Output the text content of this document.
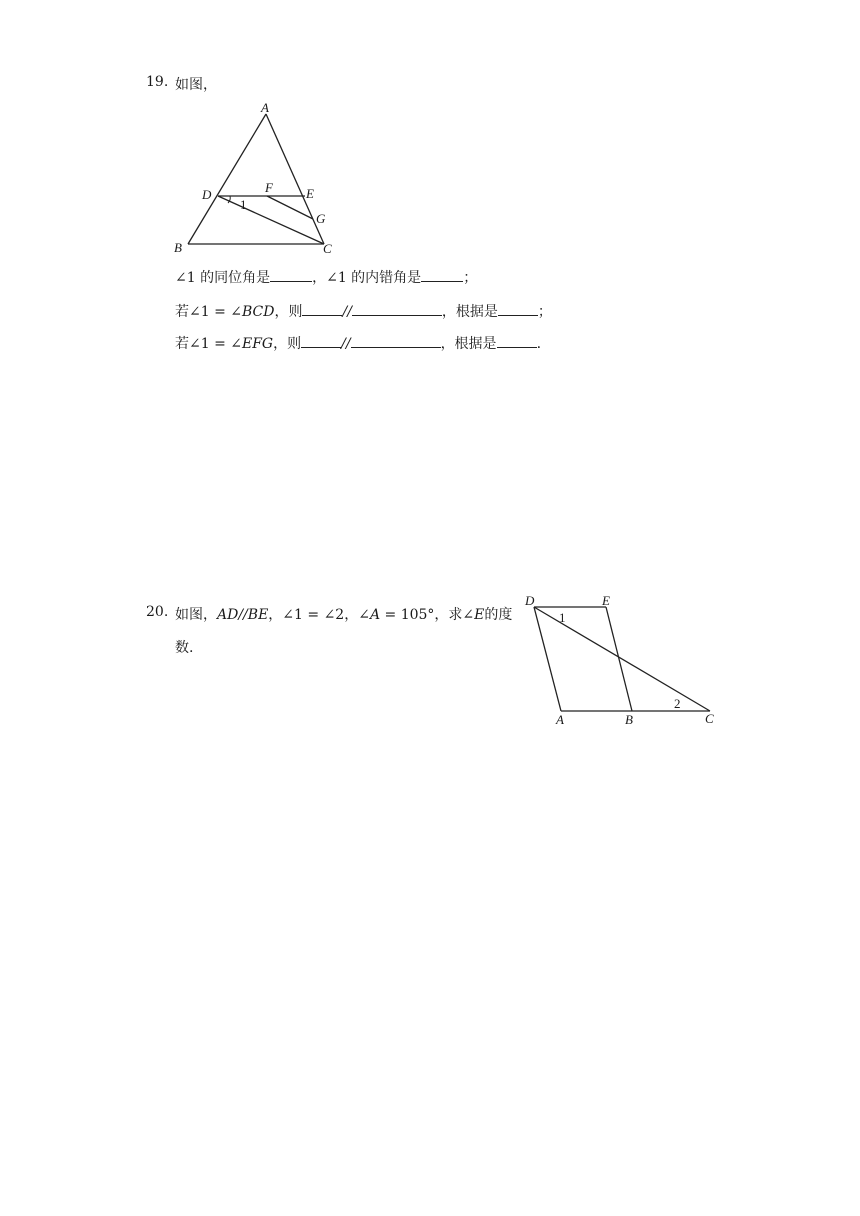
19. 如图，
A
B	C
D	E
F
G
1
∠1 的同位角是	，∠1 的内错角是	；
若∠1 = ∠BCD，则	//	，根据是	；
若∠1 = ∠EFG，则	//	，根据是	.
20. 如图，AD//BE，∠1 = ∠2，∠A = 105°，求∠E的度
数.
D	E
A	B	C
1
2
